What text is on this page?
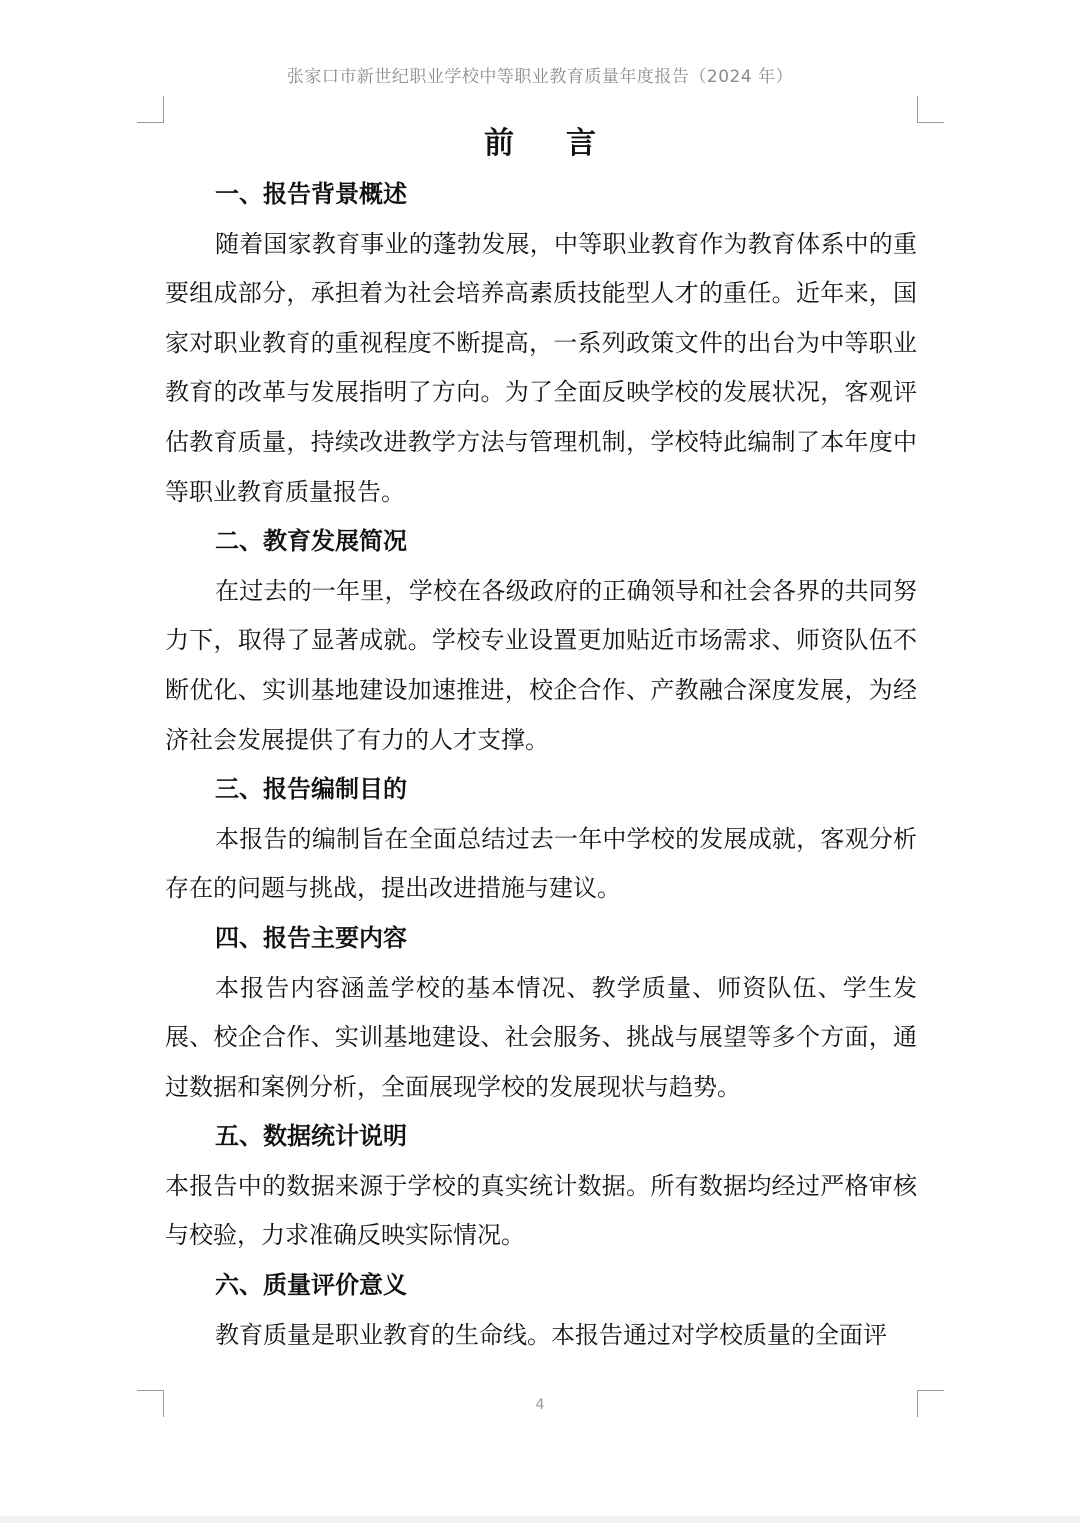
张家口市新世纪职业学校中等职业教育质量年度报告（2024 年）
前言

一、报告背景概述

随着国家教育事业的蓬勃发展，中等职业教育作为教育体系中的重要组成部分，承担着为社会培养高素质技能型人才的重任。近年来，国家对职业教育的重视程度不断提高，一系列政策文件的出台为中等职业教育的改革与发展指明了方向。为了全面反映学校的发展状况，客观评估教育质量，持续改进教学方法与管理机制，学校特此编制了本年度中等职业教育质量报告。

二、教育发展简况

在过去的一年里，学校在各级政府的正确领导和社会各界的共同努力下，取得了显著成就。学校专业设置更加贴近市场需求、师资队伍不断优化、实训基地建设加速推进，校企合作、产教融合深度发展，为经济社会发展提供了有力的人才支撑。

三、报告编制目的

本报告的编制旨在全面总结过去一年中学校的发展成就，客观分析存在的问题与挑战，提出改进措施与建议。

四、报告主要内容

本报告内容涵盖学校的基本情况、教学质量、师资队伍、学生发展、校企合作、实训基地建设、社会服务、挑战与展望等多个方面，通过数据和案例分析，全面展现学校的发展现状与趋势。

五、数据统计说明

本报告中的数据来源于学校的真实统计数据。所有数据均经过严格审核与校验，力求准确反映实际情况。

六、质量评价意义

教育质量是职业教育的生命线。本报告通过对学校质量的全面评

4
